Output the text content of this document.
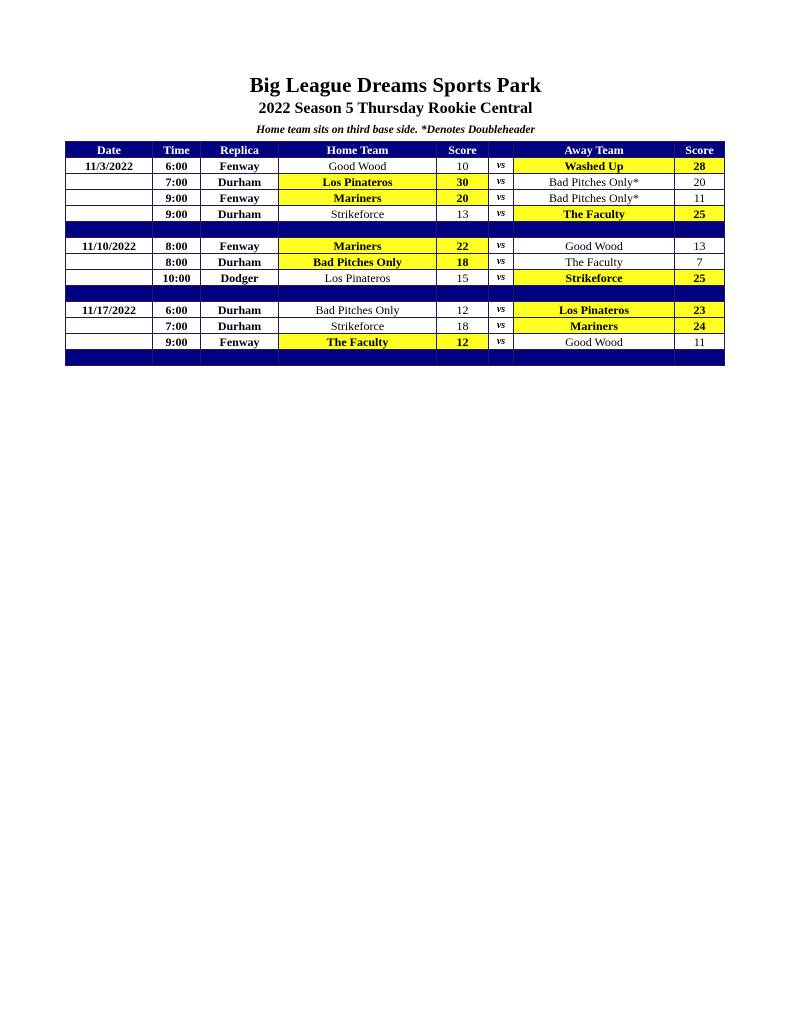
Big League Dreams Sports Park
2022 Season 5 Thursday Rookie Central
Home team sits on third base side. *Denotes Doubleheader
Date	Time	Replica	Home Team	Score		Away Team	Score
11/3/2022	6:00	Fenway	Good Wood	10	vs	Washed Up	28
	7:00	Durham	Los Pinateros	30	vs	Bad Pitches Only*	20
	9:00	Fenway	Mariners	20	vs	Bad Pitches Only*	11
	9:00	Durham	Strikeforce	13	vs	The Faculty	25

11/10/2022	8:00	Fenway	Mariners	22	vs	Good Wood	13
	8:00	Durham	Bad Pitches Only	18	vs	The Faculty	7
	10:00	Dodger	Los Pinateros	15	vs	Strikeforce	25

11/17/2022	6:00	Durham	Bad Pitches Only	12	vs	Los Pinateros	23
	7:00	Durham	Strikeforce	18	vs	Mariners	24
	9:00	Fenway	The Faculty	12	vs	Good Wood	11
